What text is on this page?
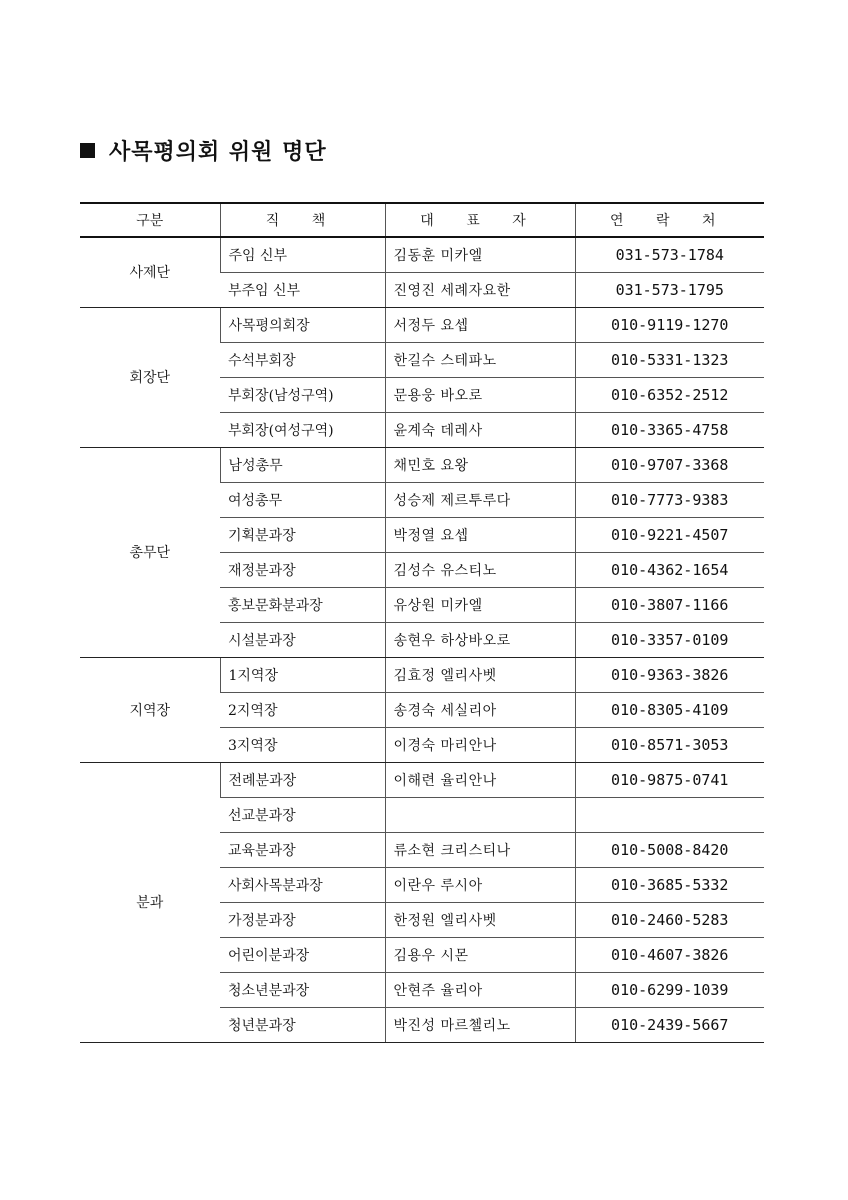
사목평의회 위원 명단
구분	직 책	대 표 자	연 락 처
사제단	주임 신부	김동훈 미카엘	031-573-1784
	부주임 신부	진영진 세례자요한	031-573-1795
회장단	사목평의회장	서정두 요셉	010-9119-1270
	수석부회장	한길수 스테파노	010-5331-1323
	부회장(남성구역)	문용웅 바오로	010-6352-2512
	부회장(여성구역)	윤계숙 데레사	010-3365-4758
총무단	남성총무	채민호 요왕	010-9707-3368
	여성총무	성승제 제르투루다	010-7773-9383
	기획분과장	박정열 요셉	010-9221-4507
	재정분과장	김성수 유스티노	010-4362-1654
	홍보문화분과장	유상원 미카엘	010-3807-1166
	시설분과장	송현우 하상바오로	010-3357-0109
지역장	1지역장	김효정 엘리사벳	010-9363-3826
	2지역장	송경숙 세실리아	010-8305-4109
	3지역장	이경숙 마리안나	010-8571-3053
분과	전례분과장	이해련 율리안나	010-9875-0741
	선교분과장		
	교육분과장	류소현 크리스티나	010-5008-8420
	사회사목분과장	이란우 루시아	010-3685-5332
	가정분과장	한정원 엘리사벳	010-2460-5283
	어린이분과장	김용우 시몬	010-4607-3826
	청소년분과장	안현주 율리아	010-6299-1039
	청년분과장	박진성 마르첼리노	010-2439-5667
